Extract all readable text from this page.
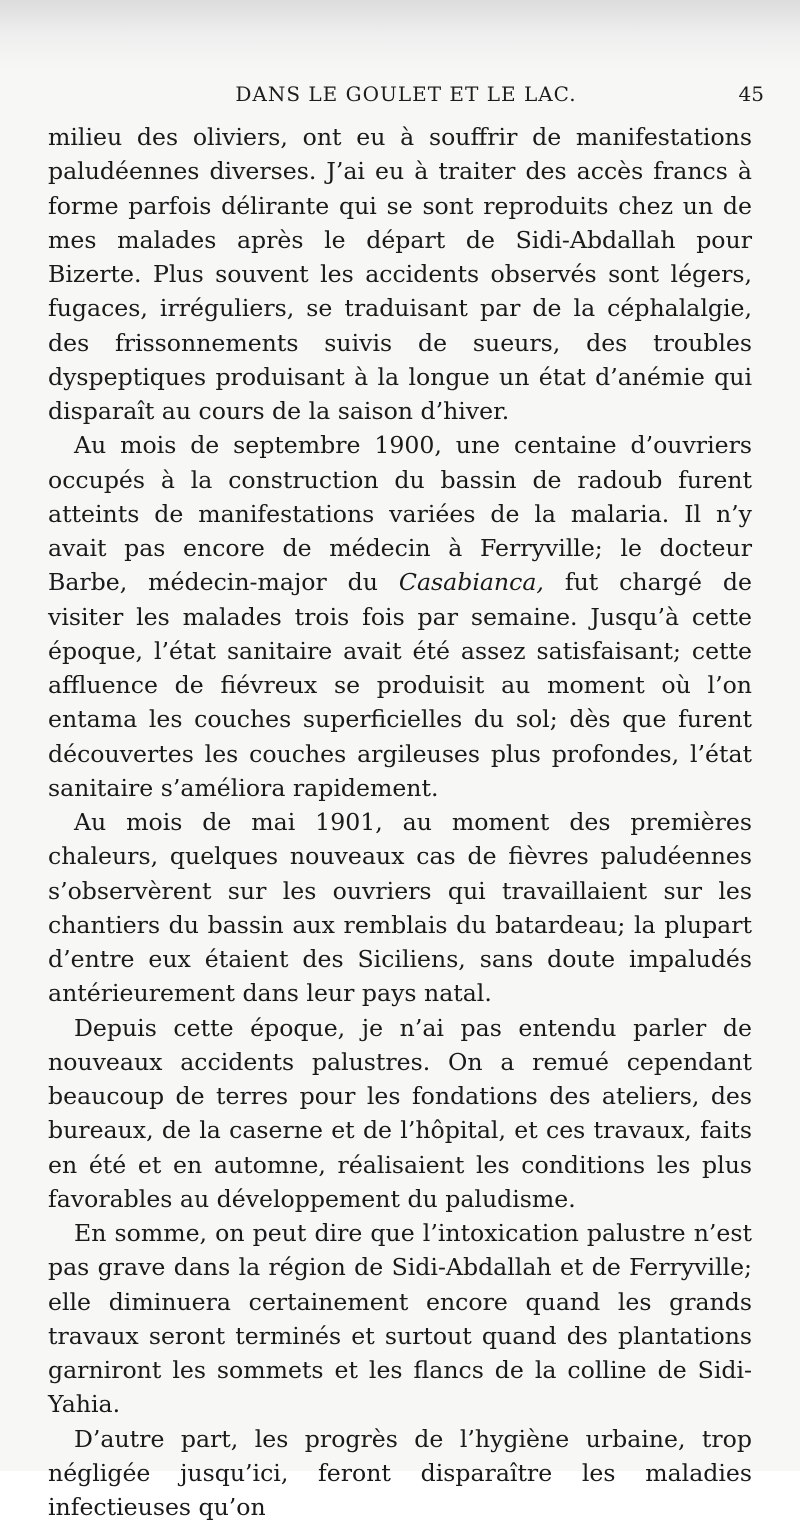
DANS LE GOULET ET LE LAC.	45

milieu des oliviers, ont eu à souffrir de manifestations paludéennes diverses. J’ai eu à traiter des accès francs à forme parfois délirante qui se sont reproduits chez un de mes malades après le départ de Sidi-Abdallah pour Bizerte. Plus souvent les accidents observés sont légers, fugaces, irréguliers, se traduisant par de la céphalalgie, des frissonnements suivis de sueurs, des troubles dyspeptiques produisant à la longue un état d’anémie qui disparaît au cours de la saison d’hiver.

Au mois de septembre 1900, une centaine d’ouvriers occupés à la construction du bassin de radoub furent atteints de manifestations variées de la malaria. Il n’y avait pas encore de médecin à Ferryville; le docteur Barbe, médecin-major du Casabianca, fut chargé de visiter les malades trois fois par semaine. Jusqu’à cette époque, l’état sanitaire avait été assez satisfaisant; cette affluence de fiévreux se produisit au moment où l’on entama les couches superficielles du sol; dès que furent découvertes les couches argileuses plus profondes, l’état sanitaire s’améliora rapidement.

Au mois de mai 1901, au moment des premières chaleurs, quelques nouveaux cas de fièvres paludéennes s’observèrent sur les ouvriers qui travaillaient sur les chantiers du bassin aux remblais du batardeau; la plupart d’entre eux étaient des Siciliens, sans doute impaludés antérieurement dans leur pays natal.

Depuis cette époque, je n’ai pas entendu parler de nouveaux accidents palustres. On a remué cependant beaucoup de terres pour les fondations des ateliers, des bureaux, de la caserne et de l’hôpital, et ces travaux, faits en été et en automne, réalisaient les conditions les plus favorables au développement du paludisme.

En somme, on peut dire que l’intoxication palustre n’est pas grave dans la région de Sidi-Abdallah et de Ferryville; elle diminuera certainement encore quand les grands travaux seront terminés et surtout quand des plantations garniront les sommets et les flancs de la colline de Sidi-Yahia.

D’autre part, les progrès de l’hygiène urbaine, trop négligée jusqu’ici, feront disparaître les maladies infectieuses qu’on
